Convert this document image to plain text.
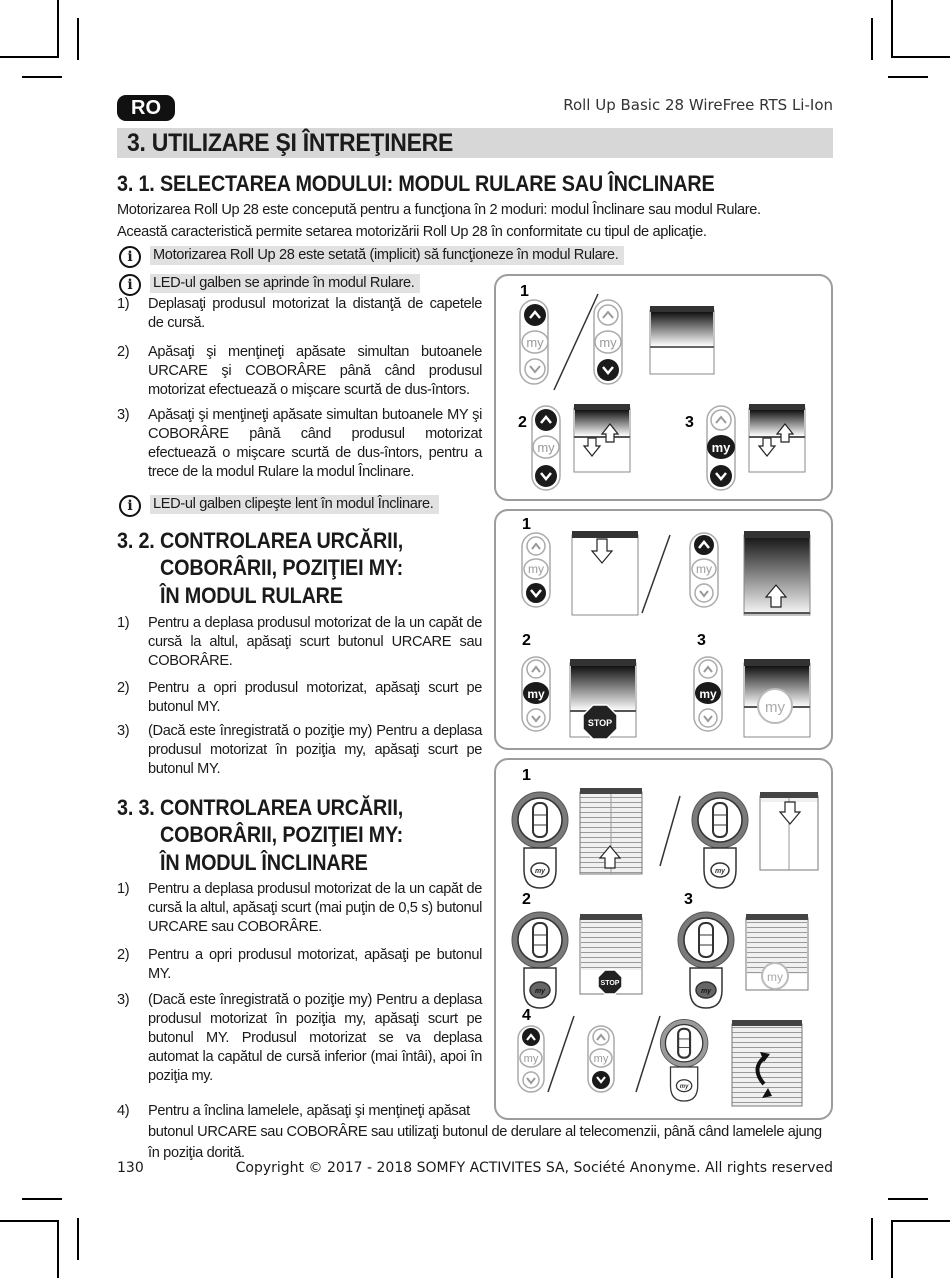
RO	Roll Up Basic 28 WireFree RTS Li-Ion
3. UTILIZARE ŞI ÎNTREŢINERE
3. 1. SELECTAREA MODULUI: MODUL RULARE SAU ÎNCLINARE
Motorizarea Roll Up 28 este concepută pentru a funcţiona în 2 moduri: modul Înclinare sau modul Rulare.
Această caracteristică permite setarea motorizării Roll Up 28 în conformitate cu tipul de aplicaţie.
i	Motorizarea Roll Up 28 este setată (implicit) să funcţioneze în modul Rulare.
i	LED-ul galben se aprinde în modul Rulare.
1) Deplasaţi produsul motorizat la distanţă de capetele de cursă.
2) Apăsaţi şi menţineţi apăsate simultan butoanele URCARE şi COBORÂRE până când produsul motorizat efectuează o mişcare scurtă de dus-întors.
3) Apăsaţi şi menţineţi apăsate simultan butoanele MY şi COBORÂRE până când produsul motorizat efectuează o mişcare scurtă de dus-întors, pentru a trece de la modul Rulare la modul Înclinare.
i	LED-ul galben clipeşte lent în modul Înclinare.
3. 2. CONTROLAREA URCĂRII,
COBORÂRII, POZIŢIEI MY:
ÎN MODUL RULARE
1) Pentru a deplasa produsul motorizat de la un capăt de cursă la altul, apăsaţi scurt butonul URCARE sau COBORÂRE.
2) Pentru a opri produsul motorizat, apăsaţi scurt pe butonul MY.
3) (Dacă este înregistrată o poziţie my) Pentru a deplasa produsul motorizat în poziţia my, apăsaţi scurt pe butonul MY.
3. 3. CONTROLAREA URCĂRII,
COBORÂRII, POZIŢIEI MY:
ÎN MODUL ÎNCLINARE
1) Pentru a deplasa produsul motorizat de la un capăt de cursă la altul, apăsaţi scurt (mai puţin de 0,5 s) butonul URCARE sau COBORÂRE.
2) Pentru a opri produsul motorizat, apăsaţi pe butonul MY.
3) (Dacă este înregistrată o poziţie my) Pentru a deplasa produsul motorizat în poziţia my, apăsaţi scurt pe butonul MY. Produsul motorizat se va deplasa automat la capătul de cursă inferior (mai întâi), apoi în poziţia my.
4) Pentru a înclina lamelele, apăsaţi şi menţineţi apăsat
butonul URCARE sau COBORÂRE sau utilizaţi butonul de derulare al telecomenzii, până când lamelele ajung
în poziţia dorită.
130	Copyright © 2017 - 2018 SOMFY ACTIVITES SA, Société Anonyme. All rights reserved
1
my	my
2
my
3
my
1
my	my
2
my
STOP
3
my
my
1
my	my
2
my
STOP
3
my
my
4
my	my
my
